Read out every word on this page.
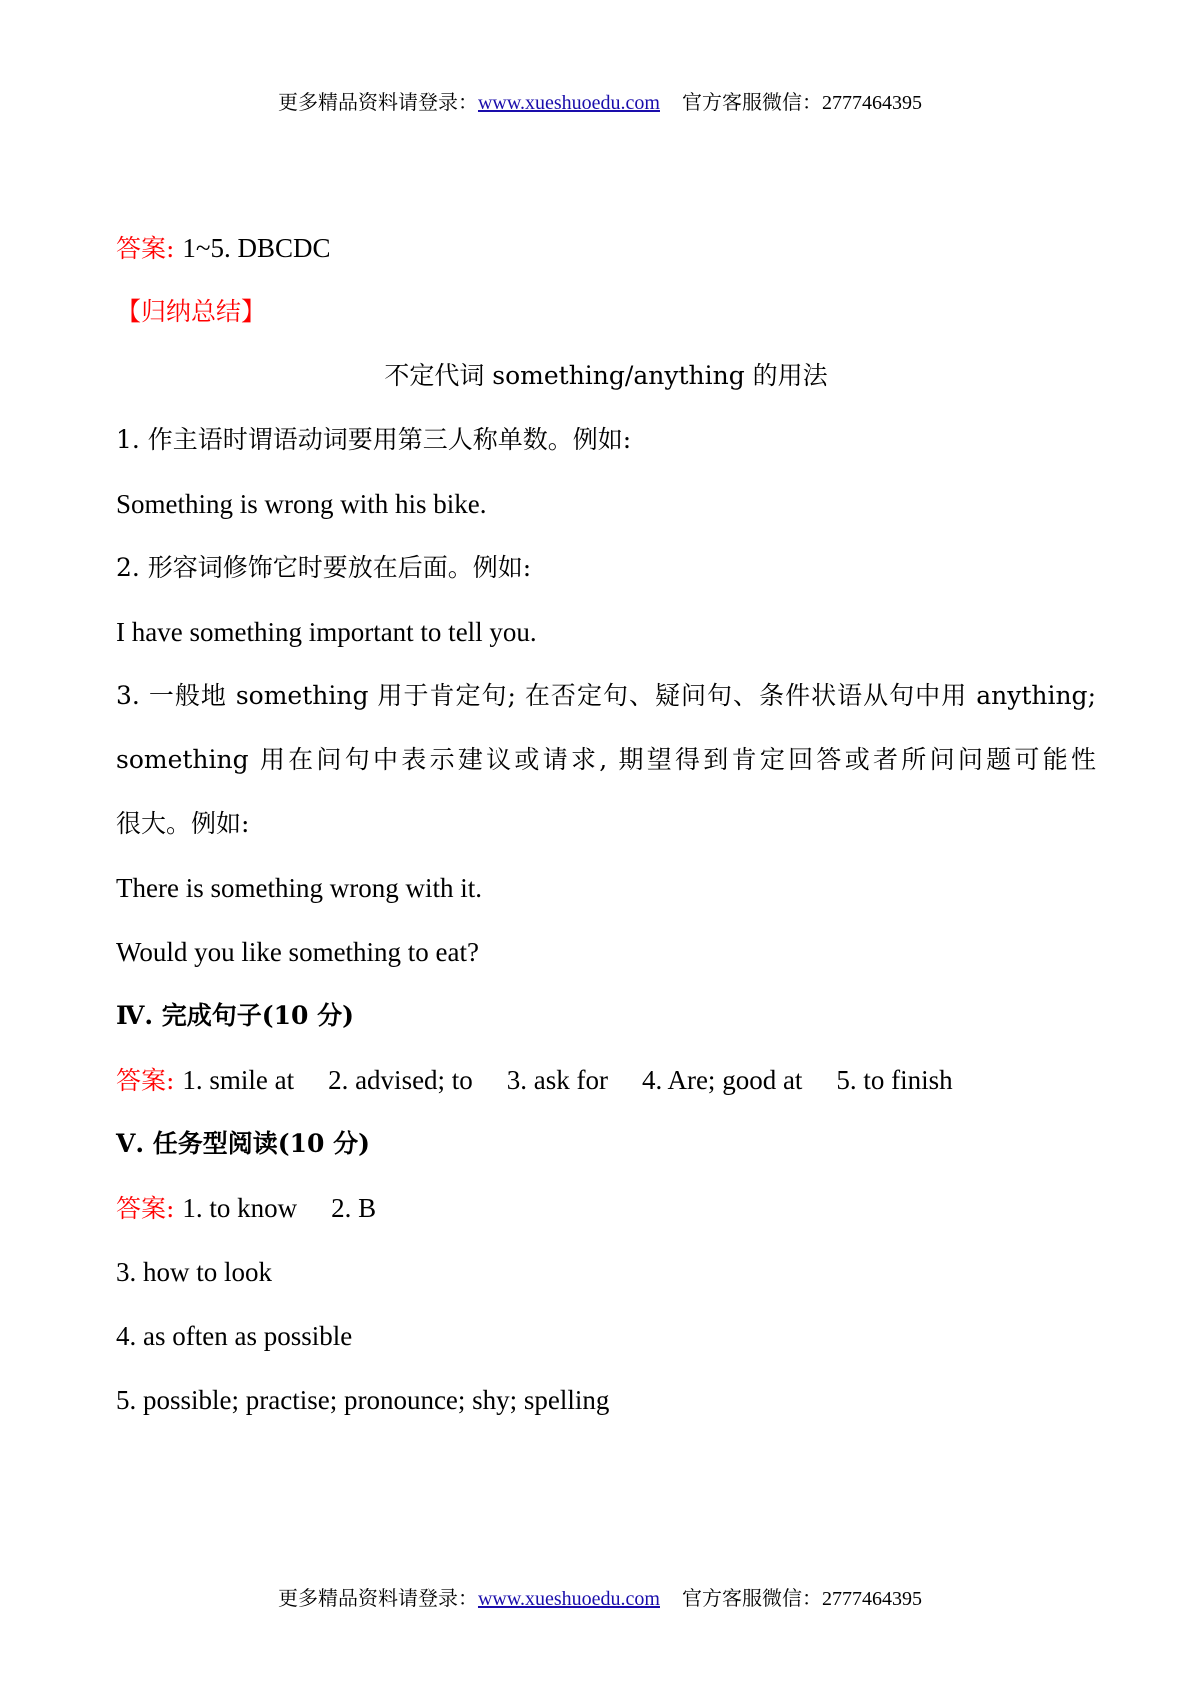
更多精品资料请登录：www.xueshuoedu.com 官方客服微信：2777464395
答案: 1~5. DBCDC
【归纳总结】
不定代词 something/anything 的用法
1. 作主语时谓语动词要用第三人称单数。例如:
Something is wrong with his bike.
2. 形容词修饰它时要放在后面。例如:
I have something important to tell you.
3. 一般地 something 用于肯定句; 在否定句、疑问句、条件状语从句中用 anything;
something 用在问句中表示建议或请求, 期望得到肯定回答或者所问问题可能性
很大。例如:
There is something wrong with it.
Would you like something to eat?
Ⅳ. 完成句子(10 分)
答案: 1. smile at 2. advised; to 3. ask for 4. Are; good at 5. to finish
Ⅴ. 任务型阅读(10 分)
答案: 1. to know 2. B
3. how to look
4. as often as possible
5. possible; practise; pronounce; shy; spelling
更多精品资料请登录：www.xueshuoedu.com 官方客服微信：2777464395
